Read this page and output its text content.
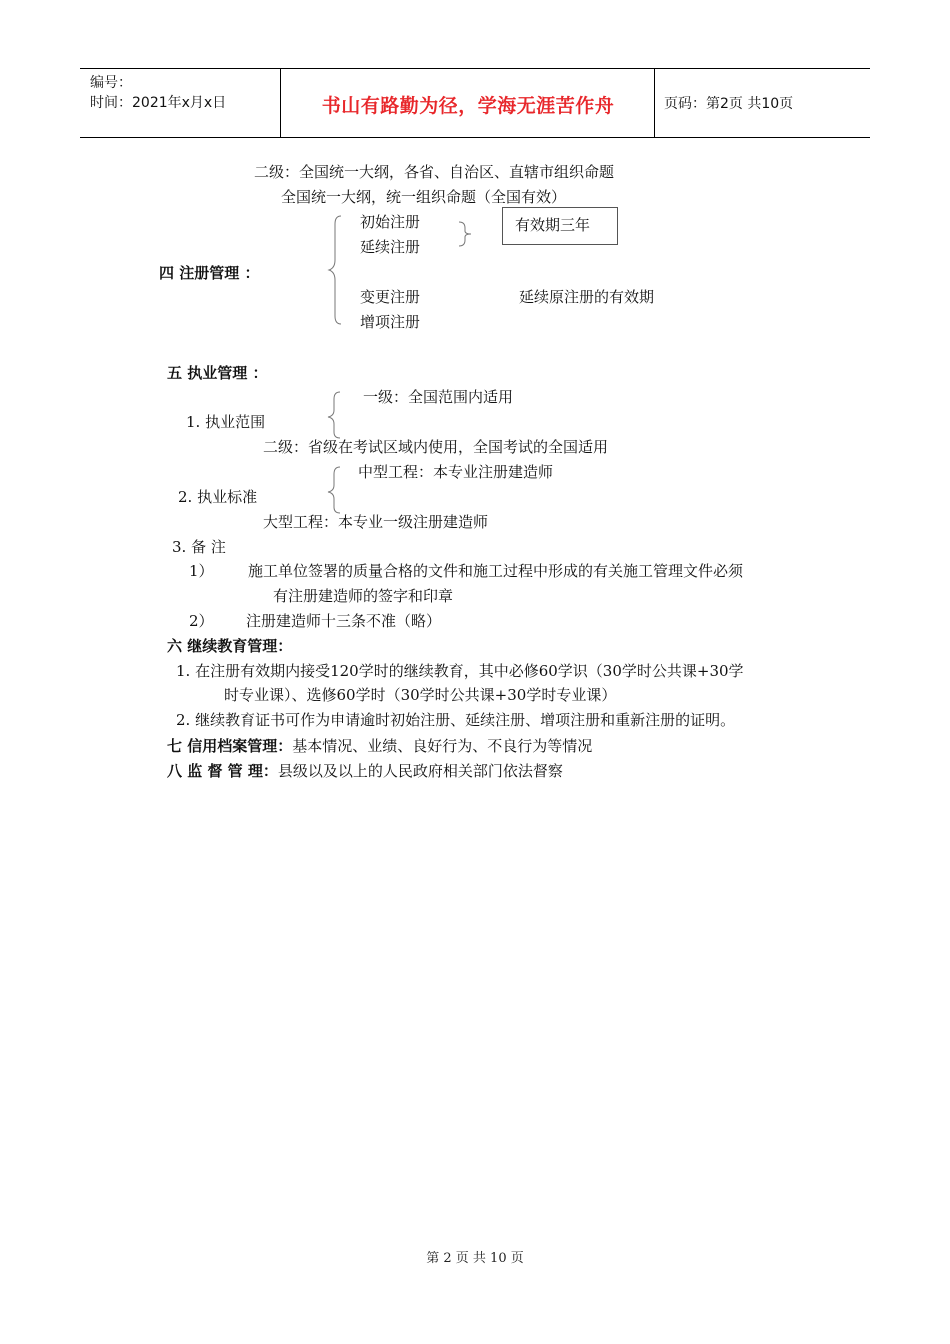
编号：
时间：2021年x月x日	书山有路勤为径，学海无涯苦作舟	页码：第2页 共10页
二级：全国统一大纲，各省、自治区、直辖市组织命题
全国统一大纲，统一组织命题（全国有效）
四 注册管理 ：
初始注册
延续注册
有效期三年
变更注册	延续原注册的有效期
增项注册
五 执业管理 ：
一级：全国范围内适用
1. 执业范围
二级：省级在考试区域内使用，全国考试的全国适用
中型工程：本专业注册建造师
2. 执业标准
大型工程：本专业一级注册建造师
3. 备 注
1） 施工单位签署的质量合格的文件和施工过程中形成的有关施工管理文件必须
有注册建造师的签字和印章
2） 注册建造师十三条不准（略）
六 继续教育管理：
1. 在注册有效期内接受120学时的继续教育，其中必修60学识（30学时公共课+30学
时专业课）、选修60学时（30学时公共课+30学时专业课）
2. 继续教育证书可作为申请逾时初始注册、延续注册、增项注册和重新注册的证明。
七 信用档案管理：基本情况、业绩、良好行为、不良行为等情况
八 监 督 管 理：县级以及以上的人民政府相关部门依法督察
第 2 页 共 10 页
